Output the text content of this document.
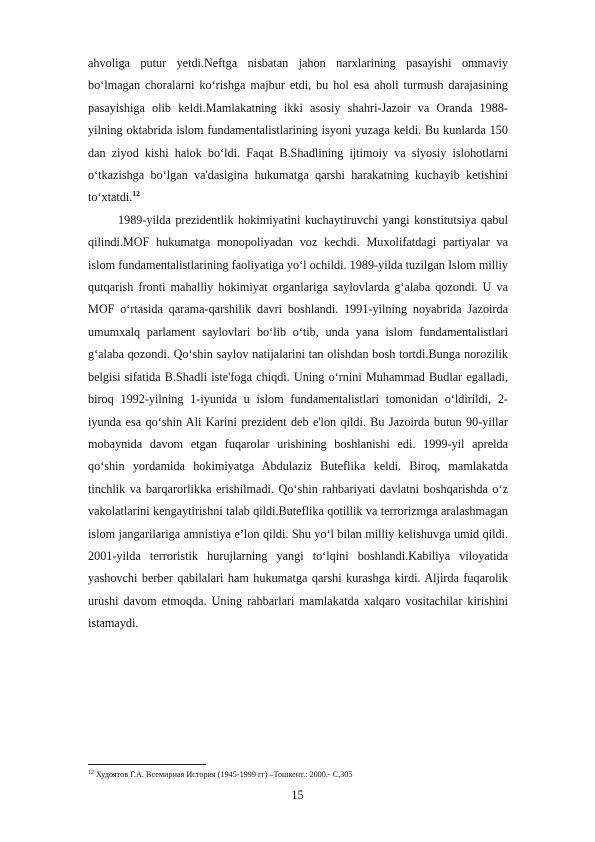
ahvoliga putur yetdi.Neftga nisbatan jahon narxlarining pasayishi ommaviy bo‘lmagan choralarni ko‘rishga majbur etdi, bu hol esa aholi turmush darajasining pasayishiga olib keldi.Mamlakatning ikki asosiy shahri-Jazoir va Oranda 1988-yilning oktabrida islom fundamentalistlarining isyoni yuzaga keldi. Bu kunlarda 150 dan ziyod kishi halok bo‘ldi. Faqat B.Shadlining ijtimoiy va siyosiy islohotlarni o‘tkazishga bo‘lgan va'dasigina hukumatga qarshi harakatning kuchayib ketishini to‘xtatdi.$^{12}$

1989-yilda prezidentlik hokimiyatini kuchaytiruvchi yangi konstitutsiya qabul qilindi.MOF hukumatga monopoliyadan voz kechdi. Muxolifatdagi partiyalar va islom fundamentalistlarining faoliyatiga yo‘l ochildi. 1989-yilda tuzilgan Islom milliy qutqarish fronti mahalliy hokimiyat organlariga saylovlarda g‘alaba qozondi. U va MOF o‘rtasida qarama-qarshilik davri boshlandi. 1991-yilning noyabrida Jazoirda umumxalq parlament saylovlari bo‘lib o‘tib, unda yana islom fundamentalistlari g‘alaba qozondi. Qo‘shin saylov natijalarini tan olishdan bosh tortdi.Bunga norozilik belgisi sifatida B.Shadli iste'foga chiqdi. Uning o‘rnini Muhammad Budlar egalladi, biroq 1992-yilning 1-iyunida u islom fundamentalistlari tomonidan o‘ldirildi, 2-iyunda esa qo‘shin Ali Karini prezident deb e'lon qildi. Bu Jazoirda butun 90-yillar mobaynida davom etgan fuqarolar urishining boshlanishi edi. 1999-yil aprelda qo‘shin yordamida hokimiyatga Abdulaziz Buteflika keldi. Biroq, mamlakatda tinchlik va barqarorlikka erishilmadi. Qo‘shin rahbariyati davlatni boshqarishda o‘z vakolatlarini kengaytirishni talab qildi.Buteflika qotillik va terrorizmga aralashmagan islom jangarilariga amnistiya e’lon qildi. Shu yo‘l bilan milliy kelishuvga umid qildi. 2001-yilda terroristik hurujlarning yangi to‘lqini boshlandi.Kabiliya viloyatida yashovchi berber qabilalari ham hukumatga qarshi kurashga kirdi. Aljirda fuqarolik urushi davom etmoqda. Uning rahbarlari mamlakatda xalqaro vositachilar kirishini istamaydi.

$^{12}$ Худоятов Г.А. Всемирная История (1945-1999 гг) –Тошкент.: 2000.- С,305
15
